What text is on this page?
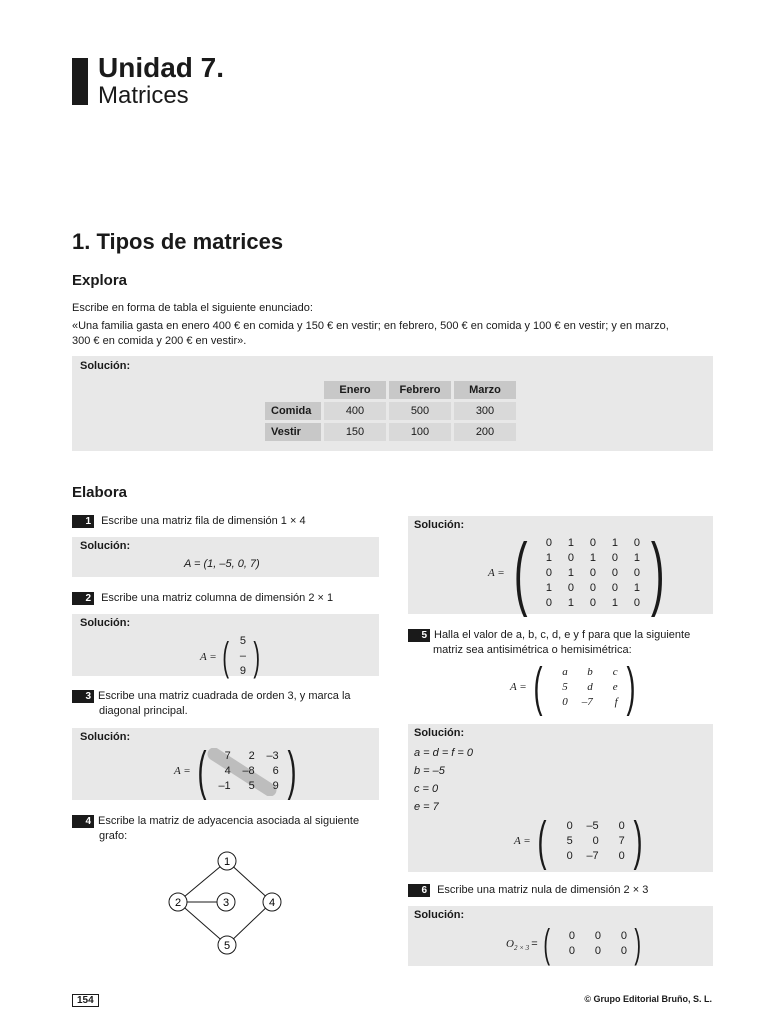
Unidad 7.
Matrices
1. Tipos de matrices
Explora
Escribe en forma de tabla el siguiente enunciado:
«Una familia gasta en enero 400 € en comida y 150 € en vestir; en febrero, 500 € en comida y 100 € en vestir; y en marzo,
300 € en comida y 200 € en vestir».
Solución:
	Enero	Febrero	Marzo
Comida	400	500	300
Vestir	150	100	200
Elabora
1 Escribe una matriz fila de dimensión 1 × 4
Solución:
A = (1, –5, 0, 7)
2 Escribe una matriz columna de dimensión 2 × 1
Solución:
A = (	5
–9 )
3 Escribe una matriz cuadrada de orden 3, y marca la
diagonal principal.
Solución:
A = (	7	2	–3
4	–8	6
–1	5	9 )
4 Escribe la matriz de adyacencia asociada al siguiente
grafo:
1
2	3	4
5
Solución:
A = (	0	1	0	1	0
1	0	1	0	1
0	1	0	0	0
1	0	0	0	1
0	1	0	1	0 )
5 Halla el valor de a, b, c, d, e y f para que la siguiente
matriz sea antisimétrica o hemisimétrica:
A = (	a	b	c
5	d	e
0	–7	f )
Solución:
a = d = f = 0
b = –5
c = 0
e = 7
A = (	0	–5	0
5	0	7
0	–7	0 )
6 Escribe una matriz nula de dimensión 2 × 3
Solución:
O 2 × 3 = (	0	0	0
0	0	0 )
154	© Grupo Editorial Bruño, S. L.
